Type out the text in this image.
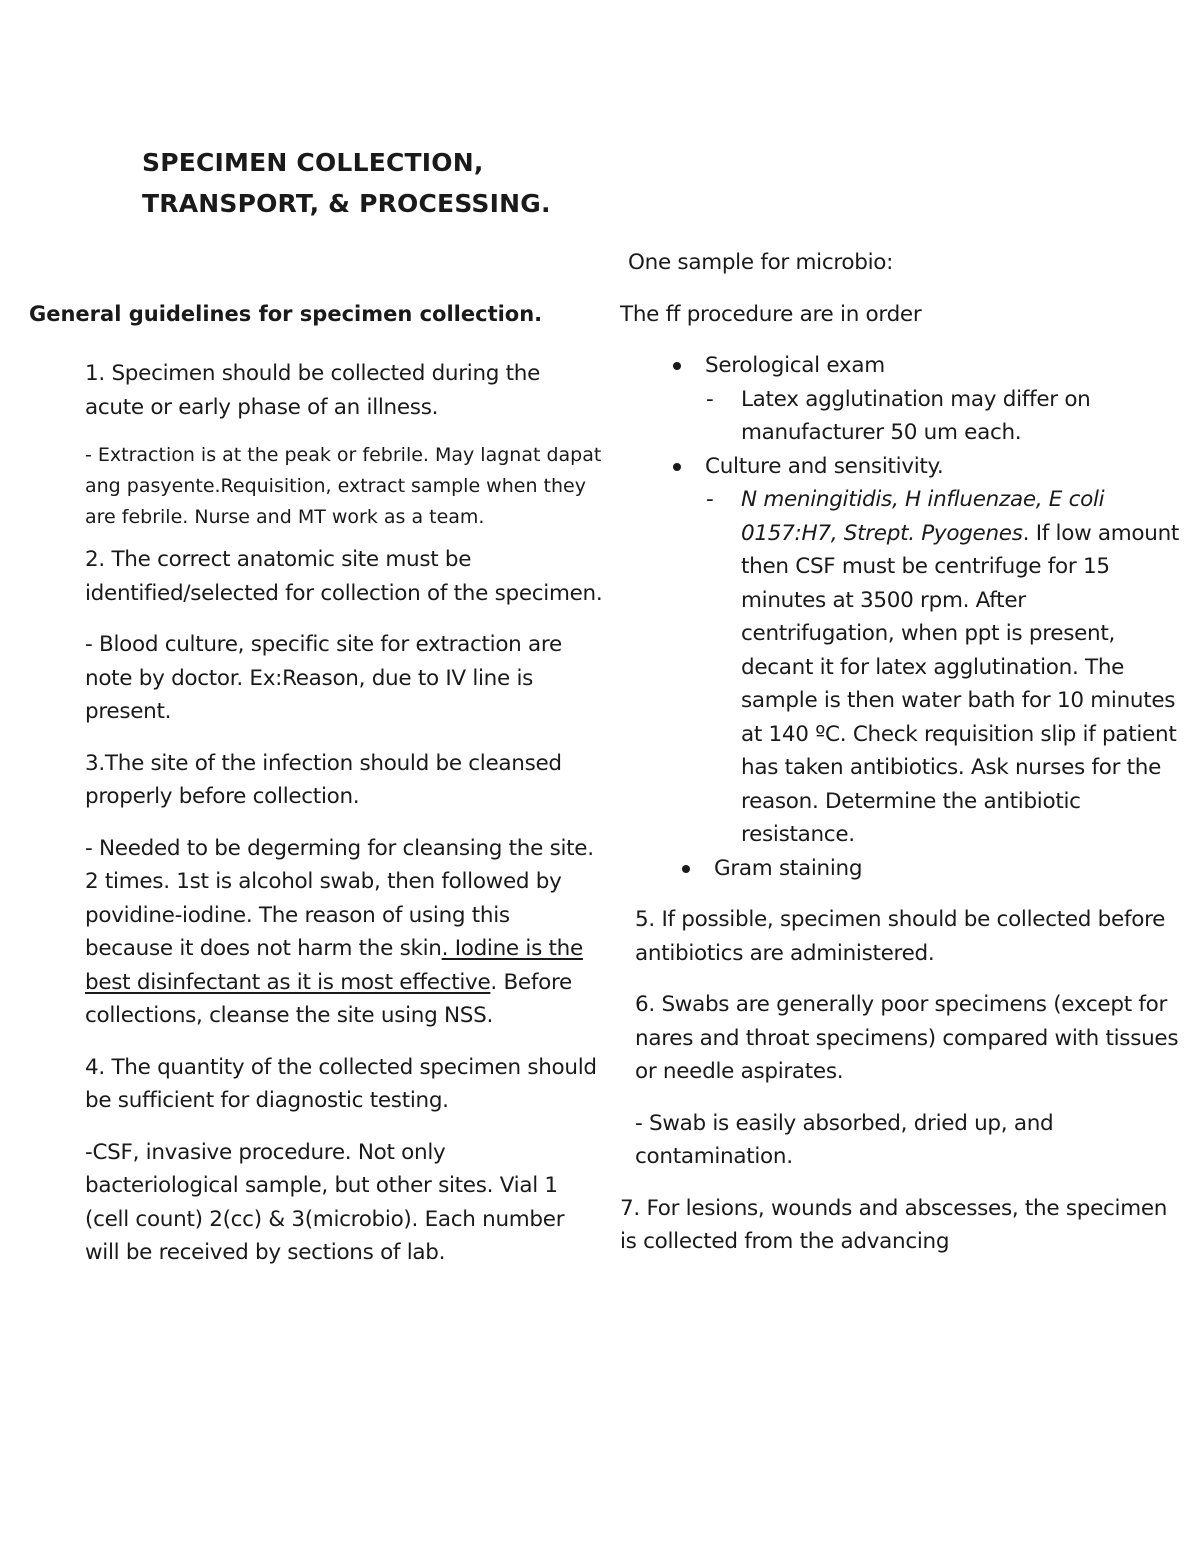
SPECIMEN COLLECTION,
TRANSPORT, & PROCESSING.
General guidelines for specimen collection.

1. Specimen should be collected during the acute or early phase of an illness.

- Extraction is at the peak or febrile. May lagnat dapat ang pasyente.Requisition, extract sample when they are febrile. Nurse and MT work as a team.

2. The correct anatomic site must be identified/selected for collection of the specimen.

- Blood culture, specific site for extraction are note by doctor. Ex:Reason, due to IV line is present.

3.The site of the infection should be cleansed properly before collection.

- Needed to be degerming for cleansing the site. 2 times. 1st is alcohol swab, then followed by povidine-iodine. The reason of using this because it does not harm the skin. Iodine is the best disinfectant as it is most effective. Before collections, cleanse the site using NSS.

4. The quantity of the collected specimen should be sufficient for diagnostic testing.

-CSF, invasive procedure. Not only bacteriological sample, but other sites. Vial 1 (cell count) 2(cc) & 3(microbio). Each number will be received by sections of lab.

One sample for microbio:

The ff procedure are in order

Serological exam
- Latex agglutination may differ on manufacturer 50 um each.
Culture and sensitivity.
- N meningitidis, H influenzae, E coli 0157:H7, Strept. Pyogenes. If low amount then CSF must be centrifuge for 15 minutes at 3500 rpm. After centrifugation, when ppt is present, decant it for latex agglutination. The sample is then water bath for 10 minutes at 140 ºC. Check requisition slip if patient has taken antibiotics. Ask nurses for the reason. Determine the antibiotic resistance.
Gram staining

5. If possible, specimen should be collected before antibiotics are administered.

6. Swabs are generally poor specimens (except for nares and throat specimens) compared with tissues or needle aspirates.

- Swab is easily absorbed, dried up, and contamination.

7. For lesions, wounds and abscesses, the specimen is collected from the advancing
